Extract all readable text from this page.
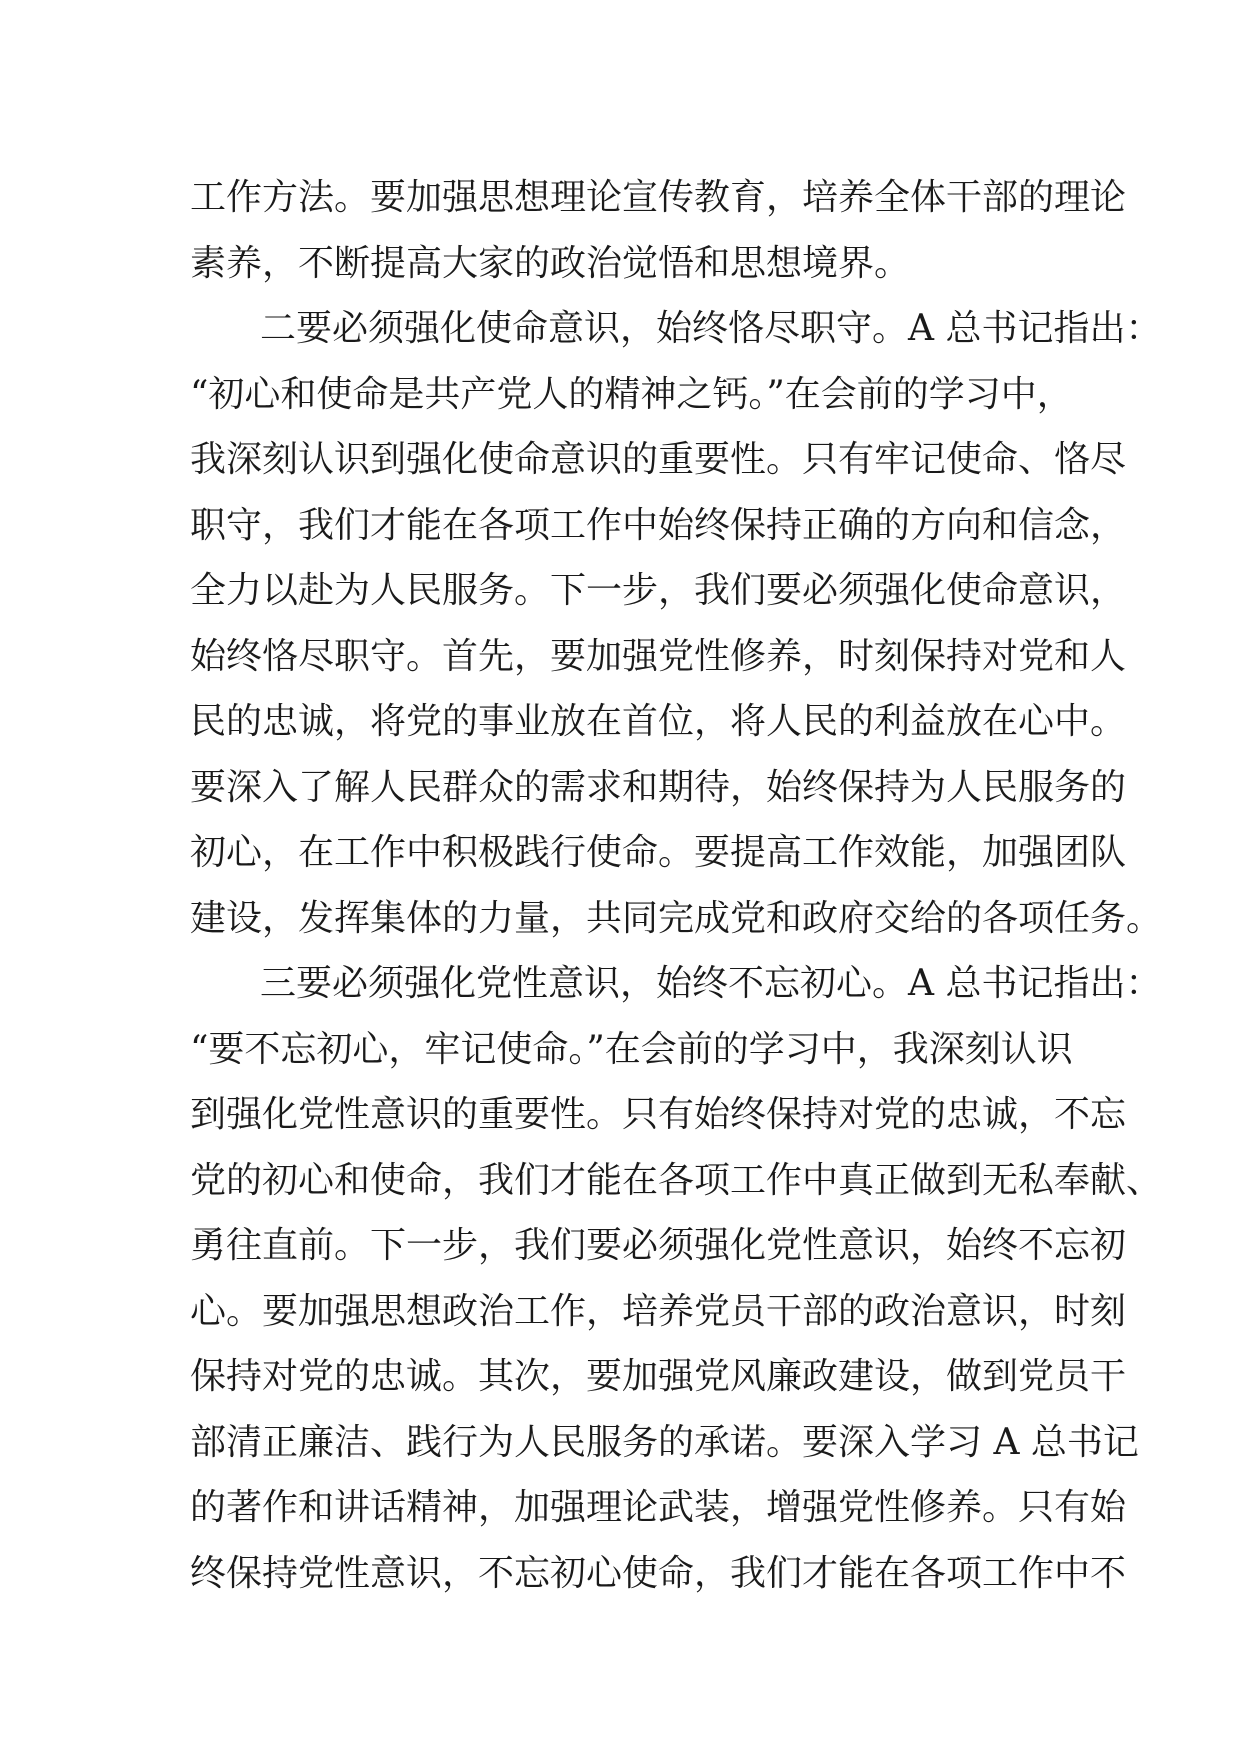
工作方法。要加强思想理论宣传教育，培养全体干部的理论
素养，不断提高大家的政治觉悟和思想境界。
二要必须强化使命意识，始终恪尽职守。A 总书记指出：
“初心和使命是共产党人的精神之钙。”在会前的学习中，
我深刻认识到强化使命意识的重要性。只有牢记使命、恪尽
职守，我们才能在各项工作中始终保持正确的方向和信念，
全力以赴为人民服务。下一步，我们要必须强化使命意识，
始终恪尽职守。首先，要加强党性修养，时刻保持对党和人
民的忠诚，将党的事业放在首位，将人民的利益放在心中。
要深入了解人民群众的需求和期待，始终保持为人民服务的
初心，在工作中积极践行使命。要提高工作效能，加强团队
建设，发挥集体的力量，共同完成党和政府交给的各项任务。
三要必须强化党性意识，始终不忘初心。A 总书记指出：
“要不忘初心，牢记使命。”在会前的学习中，我深刻认识
到强化党性意识的重要性。只有始终保持对党的忠诚，不忘
党的初心和使命，我们才能在各项工作中真正做到无私奉献、
勇往直前。下一步，我们要必须强化党性意识，始终不忘初
心。要加强思想政治工作，培养党员干部的政治意识，时刻
保持对党的忠诚。其次，要加强党风廉政建设，做到党员干
部清正廉洁、践行为人民服务的承诺。要深入学习 A 总书记
的著作和讲话精神，加强理论武装，增强党性修养。只有始
终保持党性意识，不忘初心使命，我们才能在各项工作中不
